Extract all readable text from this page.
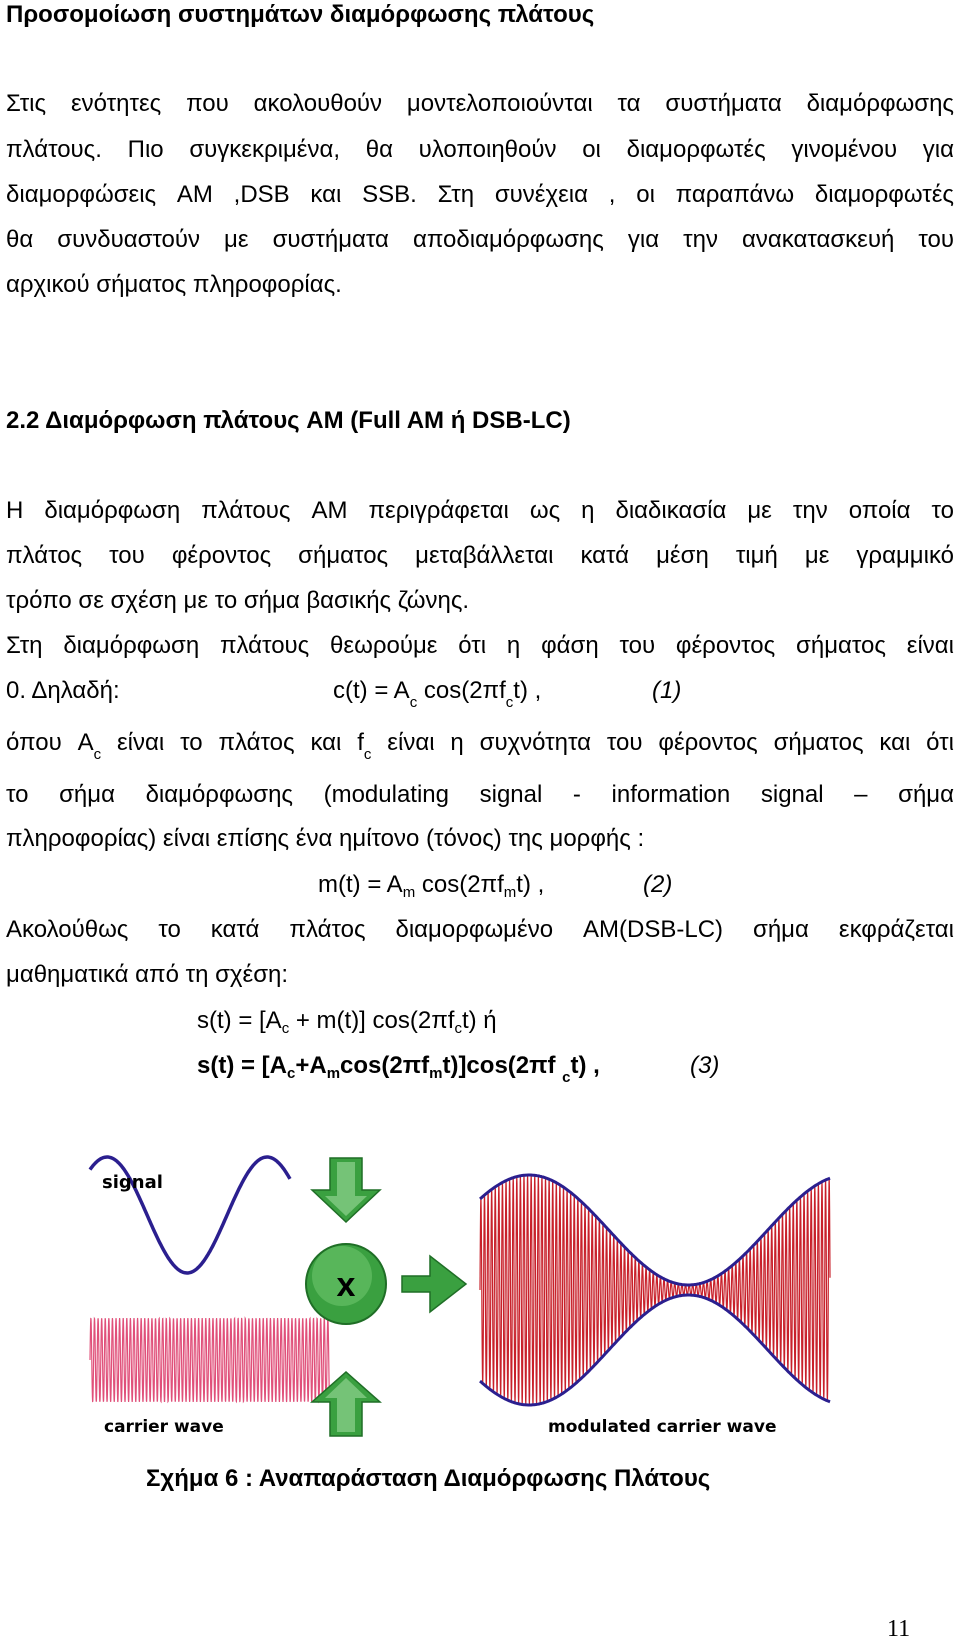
Προσομοίωση συστημάτων διαμόρφωσης πλάτους
Στις ενότητες που ακολουθούν μοντελοποιούνται τα συστήματα διαμόρφωσης
πλάτους. Πιο συγκεκριμένα, θα υλοποιηθούν οι διαμορφωτές γινομένου για
διαμορφώσεις AM ,DSB και SSB. Στη συνέχεια , οι παραπάνω διαμορφωτές
θα συνδυαστούν με συστήματα αποδιαμόρφωσης για την ανακατασκευή του
αρχικού σήματος πληροφορίας.
2.2 Διαμόρφωση πλάτους AM (Full AM ή DSB-LC)
Η διαμόρφωση πλάτους AM περιγράφεται ως η διαδικασία με την οποία το
πλάτος του φέροντος σήματος μεταβάλλεται κατά μέση τιμή με γραμμικό
τρόπο σε σχέση με το σήμα βασικής ζώνης.
Στη διαμόρφωση πλάτους θεωρούμε ότι η φάση του φέροντος σήματος είναι
0. Δηλαδή:	$c(t) = A_c$ $\cos(2\pi f_ct)$ ,	(1)
όπου $A_c$ είναι το πλάτος και $f_c$ είναι η συχνότητα του φέροντος σήματος και ότι
το σήμα διαμόρφωσης (modulating signal - information signal – σήμα
πληροφορίας) είναι επίσης ένα ημίτονο (τόνος) της μορφής :
$m(t) = A_m$ $\cos(2\pi f_mt)$ ,	(2)
Ακολούθως το κατά πλάτος διαμορφωμένο AM(DSB-LC) σήμα εκφράζεται
μαθηματικά από τη σχέση:
$s(t) = [A_c + m(t)]$ $\cos(2\pi f_ct)$ ή
$s(t) = [A_c+A_m\cos(2\pi f_mt)]\cos(2\pi f$ $_c$t) ,	(3)
x
signal
carrier wave	modulated carrier wave
Σχήμα 6 : Αναπαράσταση Διαμόρφωσης Πλάτους
11
